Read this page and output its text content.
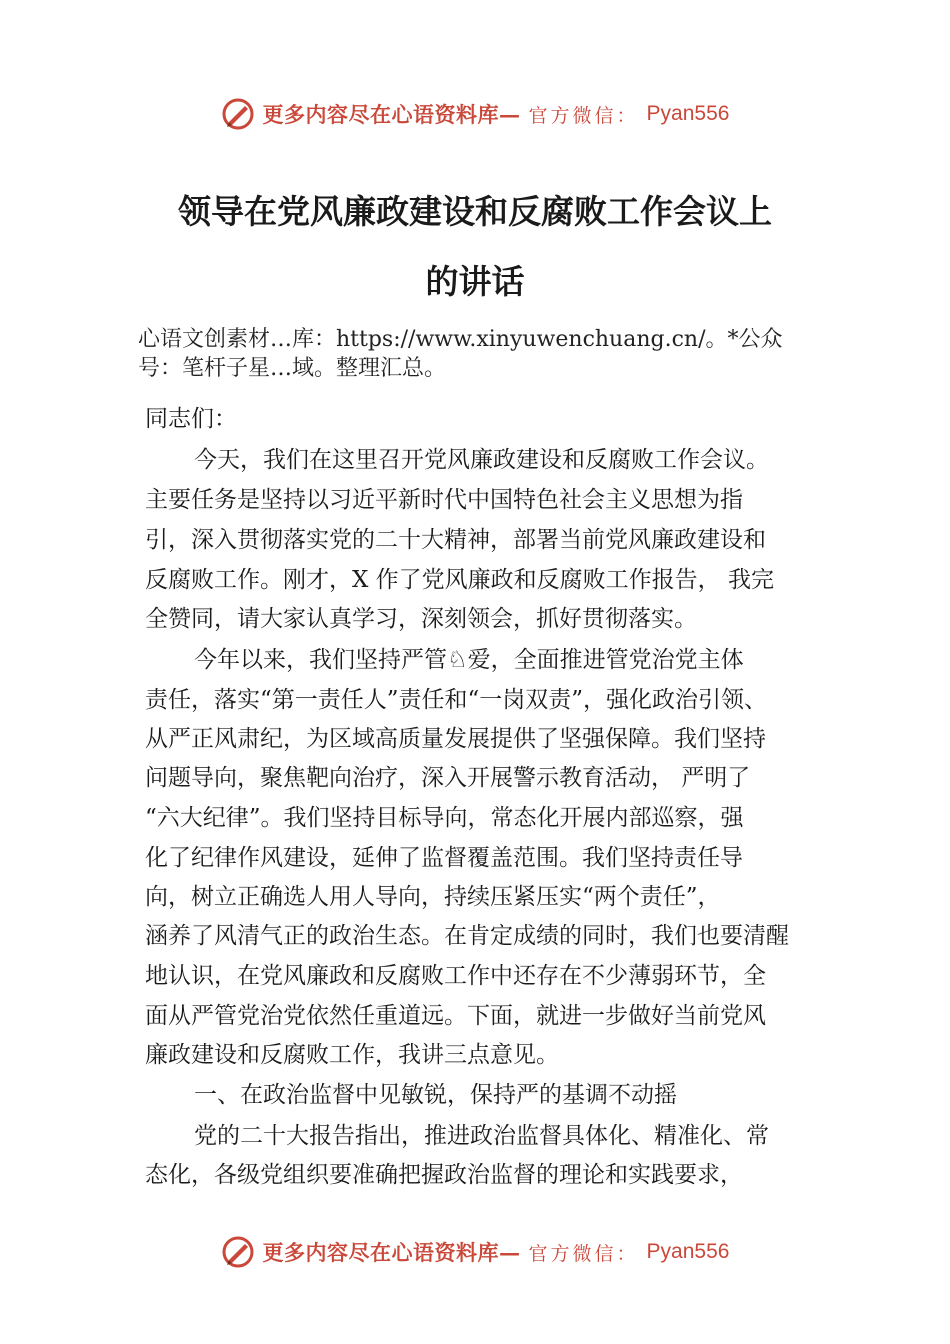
更多内容尽在心语资料库— 官方微信： Pyan556
领导在党风廉政建设和反腐败工作会议上
的讲话
心语文创素材…库：https://www.xinyuwenchuang.cn/。*公众
号：笔杆子星…域。整理汇总。
同志们：
今天，我们在这里召开党风廉政建设和反腐败工作会议。
主要任务是坚持以习近平新时代中国特色社会主义思想为指
引，深入贯彻落实党的二十大精神，部署当前党风廉政建设和
反腐败工作。刚才，X 作了党风廉政和反腐败工作报告， 我完
全赞同，请大家认真学习，深刻领会，抓好贯彻落实。
今年以来，我们坚持严管♘爱，全面推进管党治党主体
责任，落实“第一责任人”责任和“一岗双责”，强化政治引领、
从严正风肃纪，为区域高质量发展提供了坚强保障。我们坚持
问题导向，聚焦靶向治疗，深入开展警示教育活动， 严明了
“六大纪律”。我们坚持目标导向，常态化开展内部巡察，强
化了纪律作风建设，延伸了监督覆盖范围。我们坚持责任导
向，树立正确选人用人导向，持续压紧压实“两个责任”，
涵养了风清气正的政治生态。在肯定成绩的同时，我们也要清醒
地认识，在党风廉政和反腐败工作中还存在不少薄弱环节，全
面从严管党治党依然任重道远。下面，就进一步做好当前党风
廉政建设和反腐败工作，我讲三点意见。
一、在政治监督中见敏锐，保持严的基调不动摇
党的二十大报告指出，推进政治监督具体化、精准化、常
态化，各级党组织要准确把握政治监督的理论和实践要求，
更多内容尽在心语资料库— 官方微信： Pyan556
